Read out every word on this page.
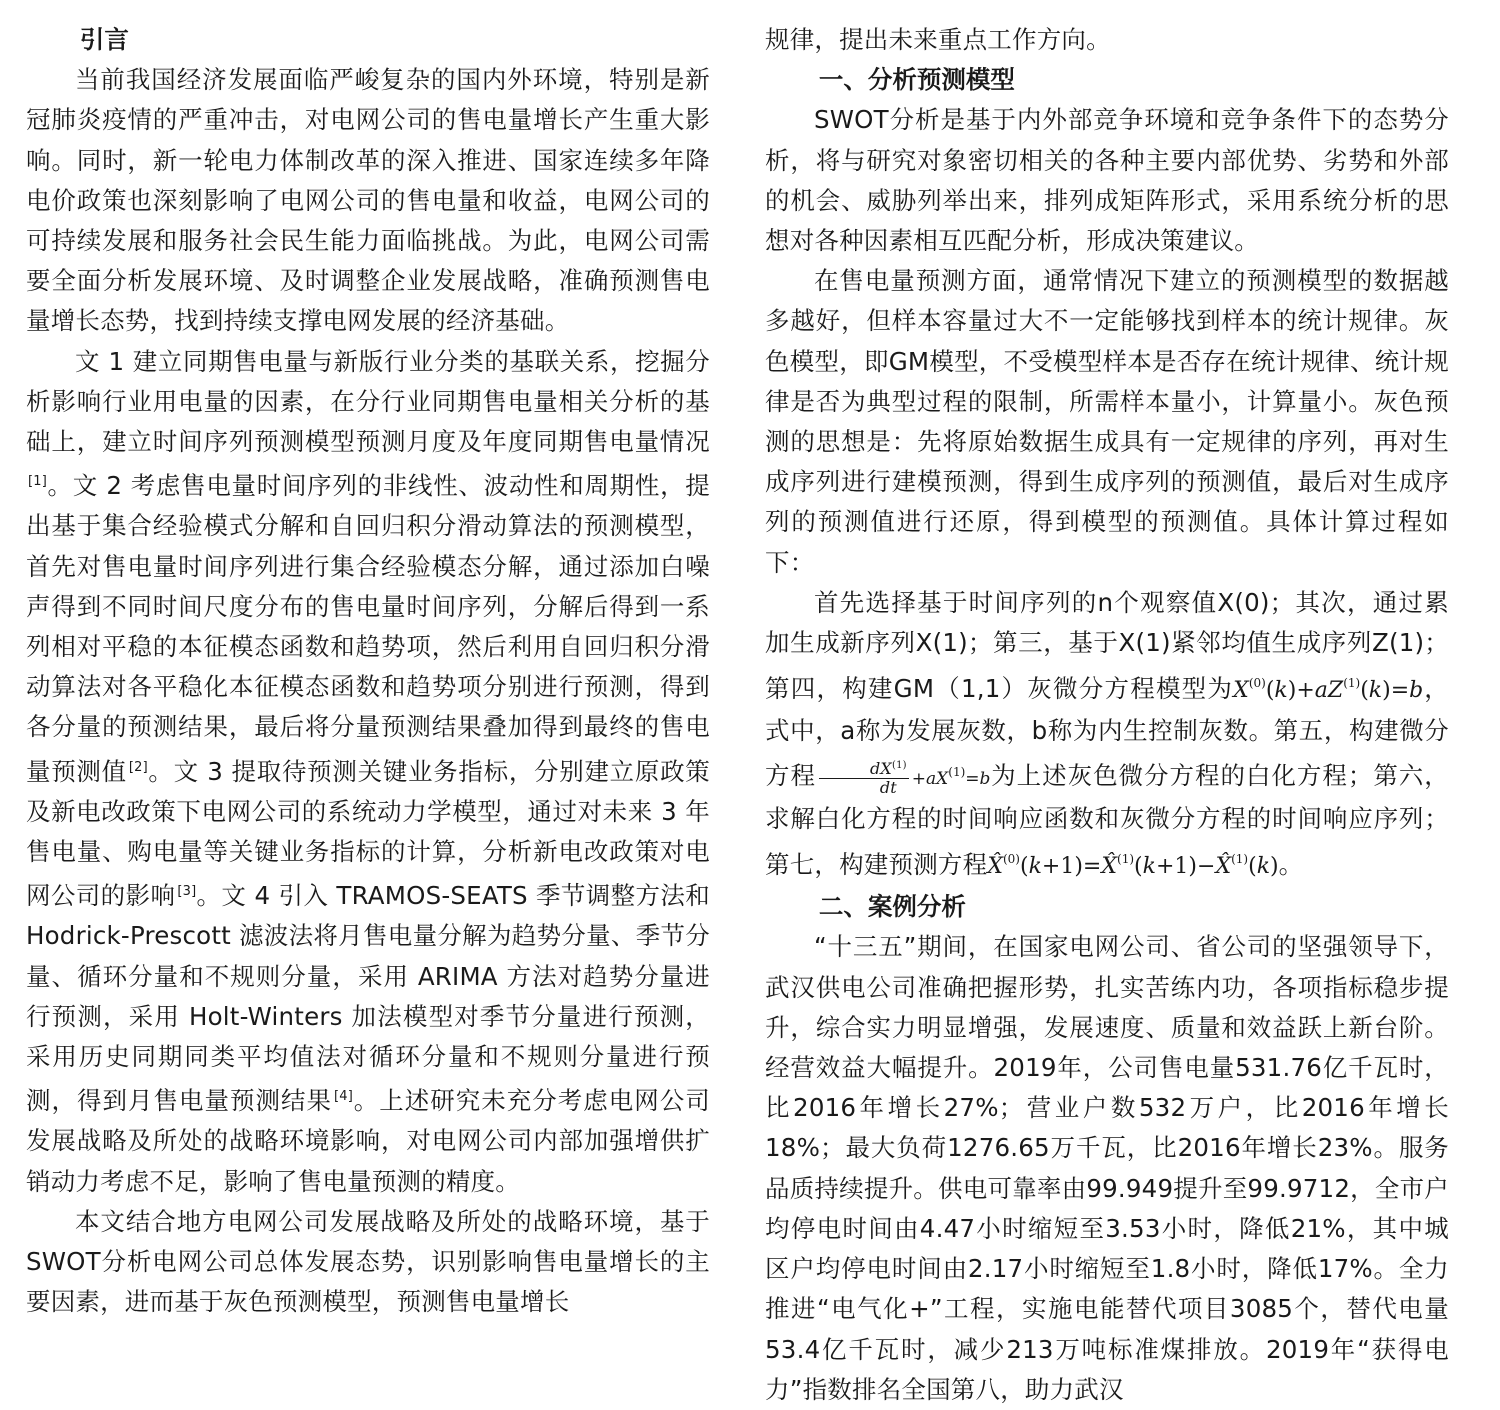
引言

当前我国经济发展面临严峻复杂的国内外环境，特别是新冠肺炎疫情的严重冲击，对电网公司的售电量增长产生重大影响。同时，新一轮电力体制改革的深入推进、国家连续多年降电价政策也深刻影响了电网公司的售电量和收益，电网公司的可持续发展和服务社会民生能力面临挑战。为此，电网公司需要全面分析发展环境、及时调整企业发展战略，准确预测售电量增长态势，找到持续支撑电网发展的经济基础。

文 1 建立同期售电量与新版行业分类的基联关系，挖掘分析影响行业用电量的因素，在分行业同期售电量相关分析的基础上，建立时间序列预测模型预测月度及年度同期售电量情况[1]。文 2 考虑售电量时间序列的非线性、波动性和周期性，提出基于集合经验模式分解和自回归积分滑动算法的预测模型，首先对售电量时间序列进行集合经验模态分解，通过添加白噪声得到不同时间尺度分布的售电量时间序列，分解后得到一系列相对平稳的本征模态函数和趋势项，然后利用自回归积分滑动算法对各平稳化本征模态函数和趋势项分别进行预测，得到各分量的预测结果，最后将分量预测结果叠加得到最终的售电量预测值 [2]。文 3 提取待预测关键业务指标，分别建立原政策及新电改政策下电网公司的系统动力学模型，通过对未来 3 年售电量、购电量等关键业务指标的计算，分析新电改政策对电网公司的影响 [3]。文 4 引入 TRAMOS-SEATS 季节调整方法和 Hodrick-Prescott 滤波法将月售电量分解为趋势分量、季节分量、循环分量和不规则分量，采用 ARIMA 方法对趋势分量进行预测，采用 Holt-Winters 加法模型对季节分量进行预测，采用历史同期同类平均值法对循环分量和不规则分量进行预测，得到月售电量预测结果 [4]。上述研究未充分考虑电网公司发展战略及所处的战略环境影响，对电网公司内部加强增供扩销动力考虑不足，影响了售电量预测的精度。

本文结合地方电网公司发展战略及所处的战略环境，基于SWOT分析电网公司总体发展态势，识别影响售电量增长的主要因素，进而基于灰色预测模型，预测售电量增长

规律，提出未来重点工作方向。

一、分析预测模型

SWOT分析是基于内外部竞争环境和竞争条件下的态势分析，将与研究对象密切相关的各种主要内部优势、劣势和外部的机会、威胁列举出来，排列成矩阵形式，采用系统分析的思想对各种因素相互匹配分析，形成决策建议。

在售电量预测方面，通常情况下建立的预测模型的数据越多越好，但样本容量过大不一定能够找到样本的统计规律。灰色模型，即GM模型，不受模型样本是否存在统计规律、统计规律是否为典型过程的限制，所需样本量小，计算量小。灰色预测的思想是：先将原始数据生成具有一定规律的序列，再对生成序列进行建模预测，得到生成序列的预测值，最后对生成序列的预测值进行还原，得到模型的预测值。具体计算过程如下：

首先选择基于时间序列的n个观察值X(0)；其次，通过累加生成新序列X(1)；第三，基于X(1)紧邻均值生成序列Z(1)；第四，构建GM（1,1）灰微分方程模型为$X^{(0)}(k)+aZ^{(1)}(k)=b$，式中，a称为发展灰数，b称为内生控制灰数。第五，构建微分方程 $\frac{dX^{(1)}}{dt} +aX^{(1)}=b$为上述灰色微分方程的白化方程；第六，求解白化方程的时间响应函数和灰微分方程的时间响应序列；第七，构建预测方程X̂$^{(0)}$(k+1)=X̂$^{(1)}$(k+1)−X̂$^{(1)}$(k)。

二、案例分析

“十三五”期间，在国家电网公司、省公司的坚强领导下，武汉供电公司准确把握形势，扎实苦练内功，各项指标稳步提升，综合实力明显增强，发展速度、质量和效益跃上新台阶。经营效益大幅提升。2019年，公司售电量531.76亿千瓦时，比2016年增长27%；营业户数532万户，比2016年增长18%；最大负荷1276.65万千瓦，比2016年增长23%。服务品质持续提升。供电可靠率由99.949提升至99.9712，全市户均停电时间由4.47小时缩短至3.53小时，降低21%，其中城区户均停电时间由2.17小时缩短至1.8小时，降低17%。全力推进“电气化+”工程，实施电能替代项目3085个，替代电量53.4亿千瓦时，减少213万吨标准煤排放。2019年“获得电力”指数排名全国第八，助力武汉
